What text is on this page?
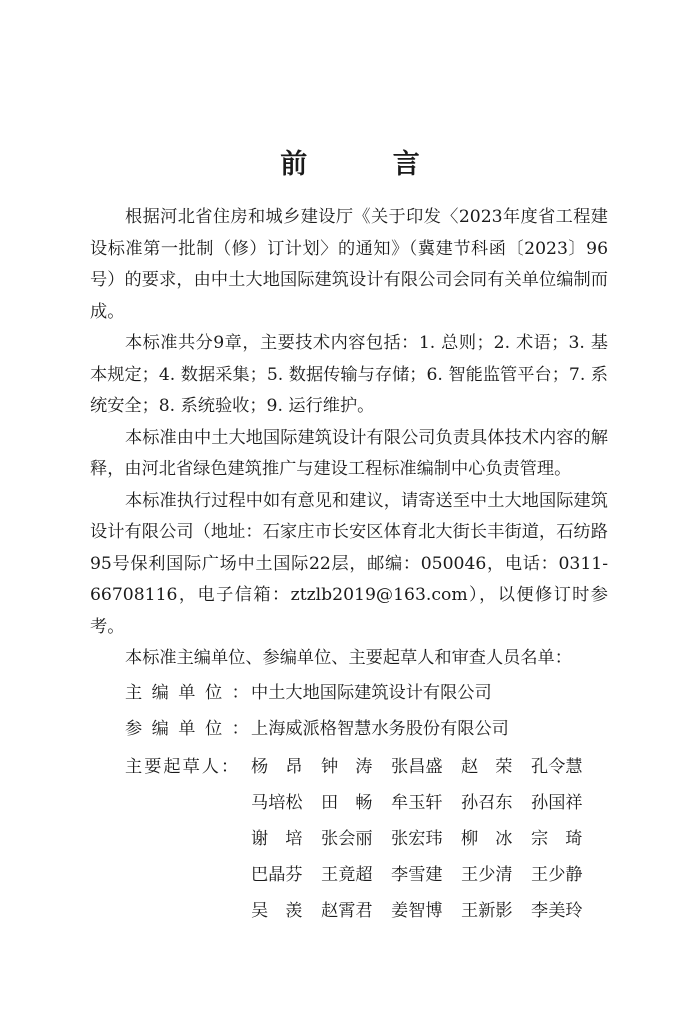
前 言

根据河北省住房和城乡建设厅《关于印发〈2023年度省工程建设标准第一批制（修）订计划〉的通知》（冀建节科函〔2023〕96号）的要求，由中土大地国际建筑设计有限公司会同有关单位编制而成。

本标准共分9章，主要技术内容包括：1. 总则；2. 术语；3. 基本规定；4. 数据采集；5. 数据传输与存储；6. 智能监管平台；7. 系统安全；8. 系统验收；9. 运行维护。

本标准由中土大地国际建筑设计有限公司负责具体技术内容的解释，由河北省绿色建筑推广与建设工程标准编制中心负责管理。

本标准执行过程中如有意见和建议，请寄送至中土大地国际建筑设计有限公司（地址：石家庄市长安区体育北大街长丰街道，石纺路95号保利国际广场中土国际22层，邮编：050046，电话：0311-66708116，电子信箱：ztzlb2019@163.com），以便修订时参考。

本标准主编单位、参编单位、主要起草人和审查人员名单：

主 编 单 位 ： 中土大地国际建筑设计有限公司
参 编 单 位 ： 上海威派格智慧水务股份有限公司
主要起草人： 杨昂 钟涛 张昌盛	赵荣 孔令慧
马培松	田畅 牟玉轩	孙召东	孙国祥
谢培 张会丽	张宏玮	柳冰 宗琦
巴晶芬	王竟超	李雪建	王少清	王少静
吴羡 赵霄君	姜智博	王新影	李美玲
